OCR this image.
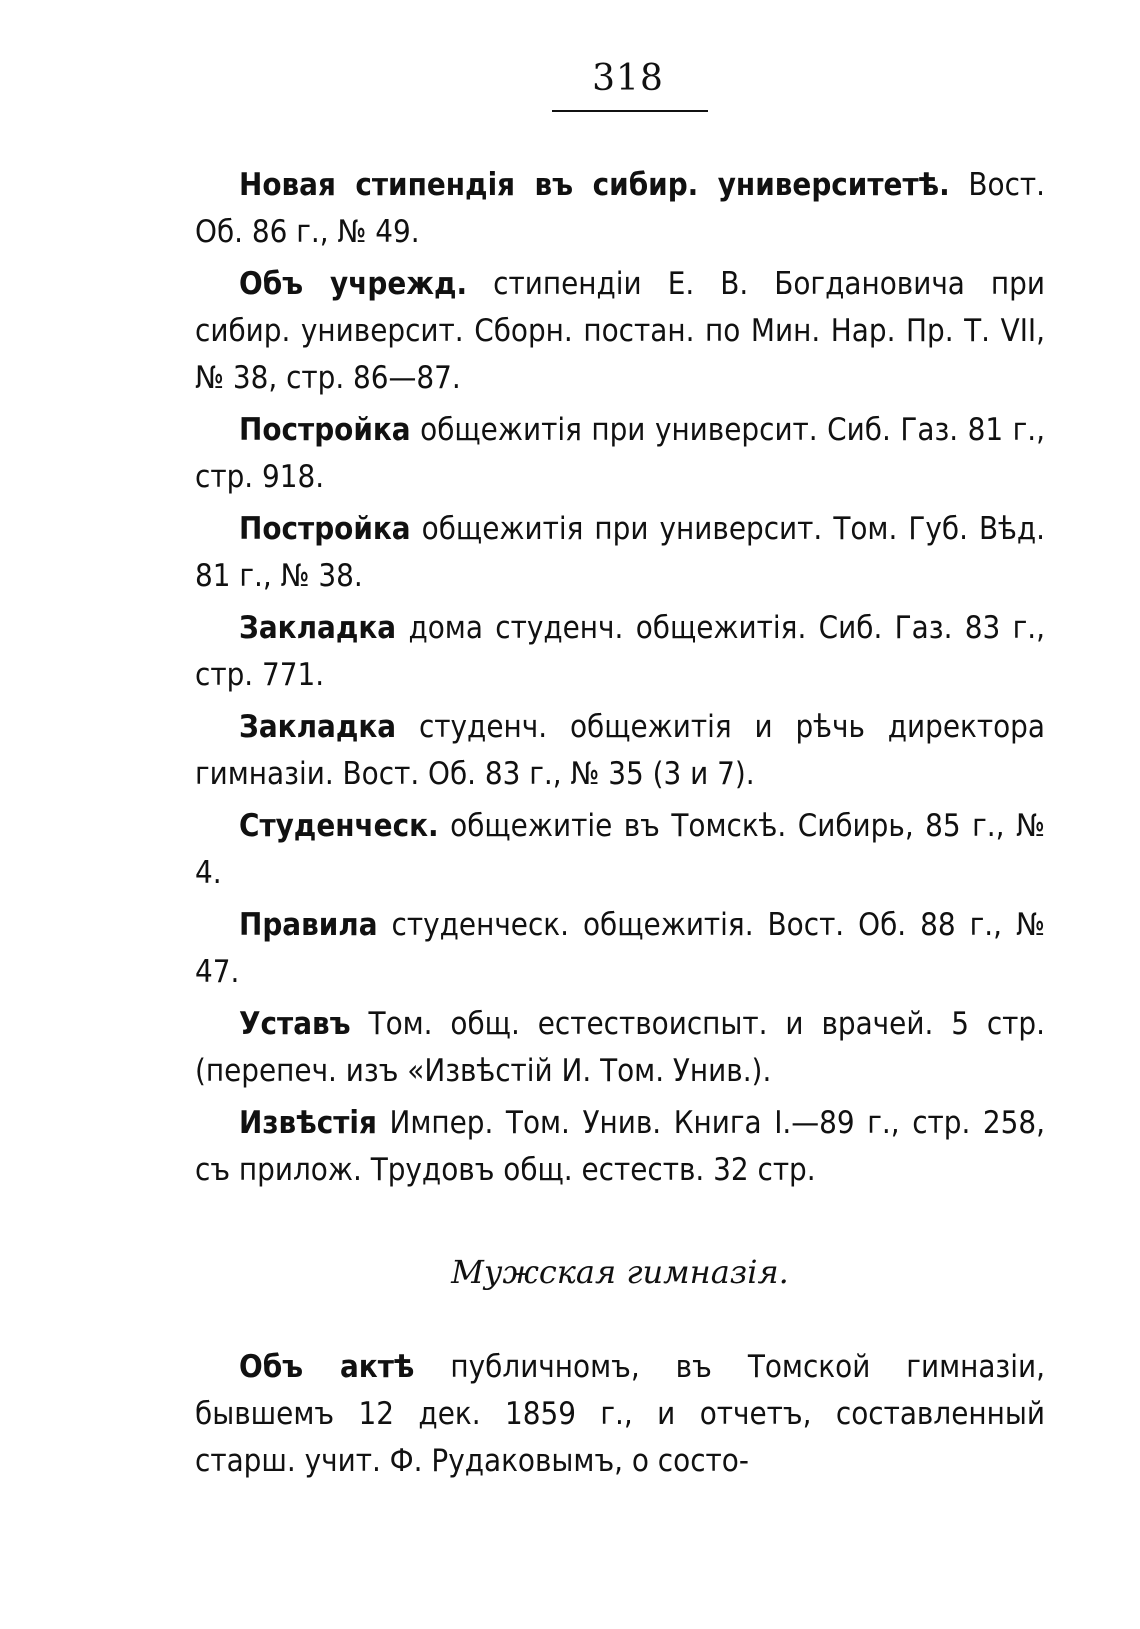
318

Новая стипендія въ сибир. университетѣ. Вост. Об. 86 г., № 49.

Объ учрежд. стипендіи Е. В. Богдановича при сибир. университ. Сборн. постан. по Мин. Нар. Пр. Т. VII, № 38, стр. 86—87.

Постройка общежитія при университ. Сиб. Газ. 81 г., стр. 918.

Постройка общежитія при университ. Том. Губ. Вѣд. 81 г., № 38.

Закладка дома студенч. общежитія. Сиб. Газ. 83 г., стр. 771.

Закладка студенч. общежитія и рѣчь директора гимназіи. Вост. Об. 83 г., № 35 (3 и 7).

Студенческ. общежитіе въ Томскѣ. Сибирь, 85 г., № 4.

Правила студенческ. общежитія. Вост. Об. 88 г., № 47.

Уставъ Том. общ. естествоиспыт. и врачей. 5 стр. (перепеч. изъ «Извѣстій И. Том. Унив.).

Извѣстія Импер. Том. Унив. Книга I.—89 г., стр. 258, съ прилож. Трудовъ общ. естеств. 32 стр.

Мужская гимназія.

Объ актѣ публичномъ, въ Томской гимназіи, бывшемъ 12 дек. 1859 г., и отчетъ, составленный старш. учит. Ф. Рудаковымъ, о состо-
